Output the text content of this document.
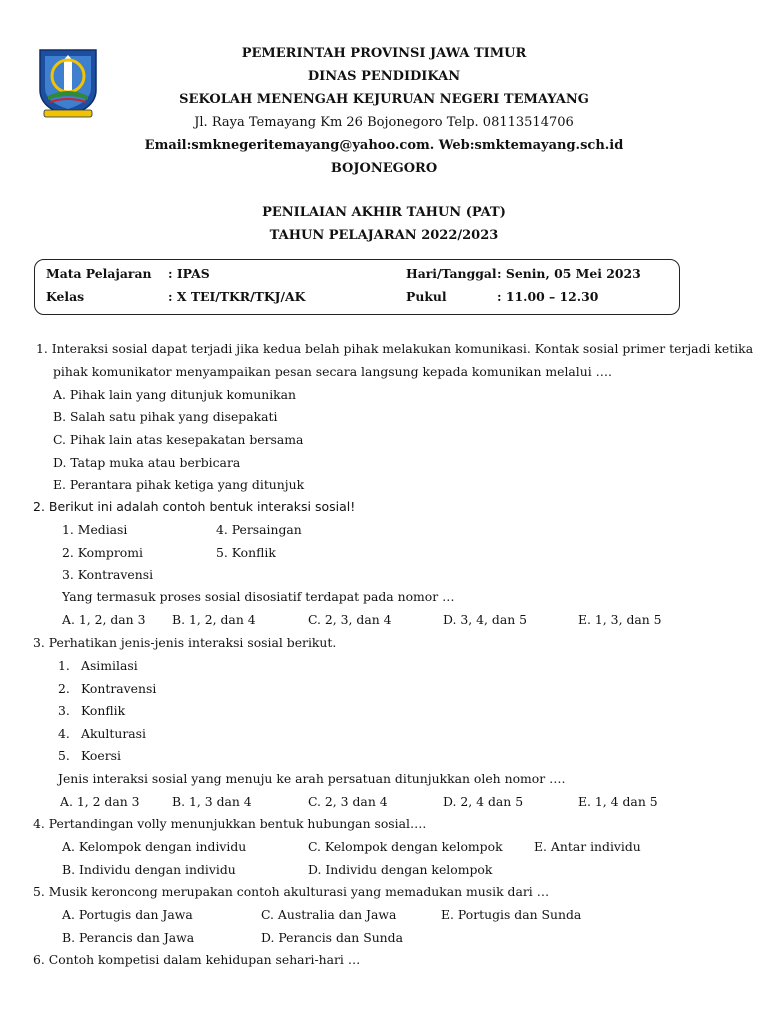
PEMERINTAH PROVINSI JAWA TIMUR
DINAS PENDIDIKAN
SEKOLAH MENENGAH KEJURUAN NEGERI TEMAYANG
Jl. Raya Temayang Km 26 Bojonegoro Telp. 08113514706
Email:smknegeritemayang@yahoo.com. Web:smktemayang.sch.id
BOJONEGORO
PENILAIAN AKHIR TAHUN (PAT)
TAHUN PELAJARAN 2022/2023
Mata Pelajaran : IPAS
Kelas	: X TEI/TKR/TKJ/AK
Hari/Tanggal : Senin, 05 Mei 2023
Pukul	: 11.00 – 12.30
1. Interaksi sosial dapat terjadi jika kedua belah pihak melakukan komunikasi. Kontak sosial primer terjadi ketika
pihak komunikator menyampaikan pesan secara langsung kepada komunikan melalui ….
A. Pihak lain yang ditunjuk komunikan
B. Salah satu pihak yang disepakati
C. Pihak lain atas kesepakatan bersama
D. Tatap muka atau berbicara
E. Perantara pihak ketiga yang ditunjuk
2. Berikut ini adalah contoh bentuk interaksi sosial!
1. Mediasi	4. Persaingan
2. Kompromi	5. Konflik
3. Kontravensi
Yang termasuk proses sosial disosiatif terdapat pada nomor …
A. 1, 2, dan 3 B. 1, 2, dan 4	C. 2, 3, dan 4	D. 3, 4, dan 5	E. 1, 3, dan 5
3. Perhatikan jenis-jenis interaksi sosial berikut.
1. Asimilasi
2. Kontravensi
3. Konflik
4. Akulturasi
5. Koersi
Jenis interaksi sosial yang menuju ke arah persatuan ditunjukkan oleh nomor ….
A. 1, 2 dan 3	B. 1, 3 dan 4	C. 2, 3 dan 4	D. 2, 4 dan 5	E. 1, 4 dan 5
4. Pertandingan volly menunjukkan bentuk hubungan sosial….
A. Kelompok dengan individu	C. Kelompok dengan kelompok	E. Antar individu
B. Individu dengan individu	D. Individu dengan kelompok
5. Musik keroncong merupakan contoh akulturasi yang memadukan musik dari …
A. Portugis dan Jawa	C. Australia dan Jawa	E. Portugis dan Sunda
B. Perancis dan Jawa	D. Perancis dan Sunda
6. Contoh kompetisi dalam kehidupan sehari-hari …
